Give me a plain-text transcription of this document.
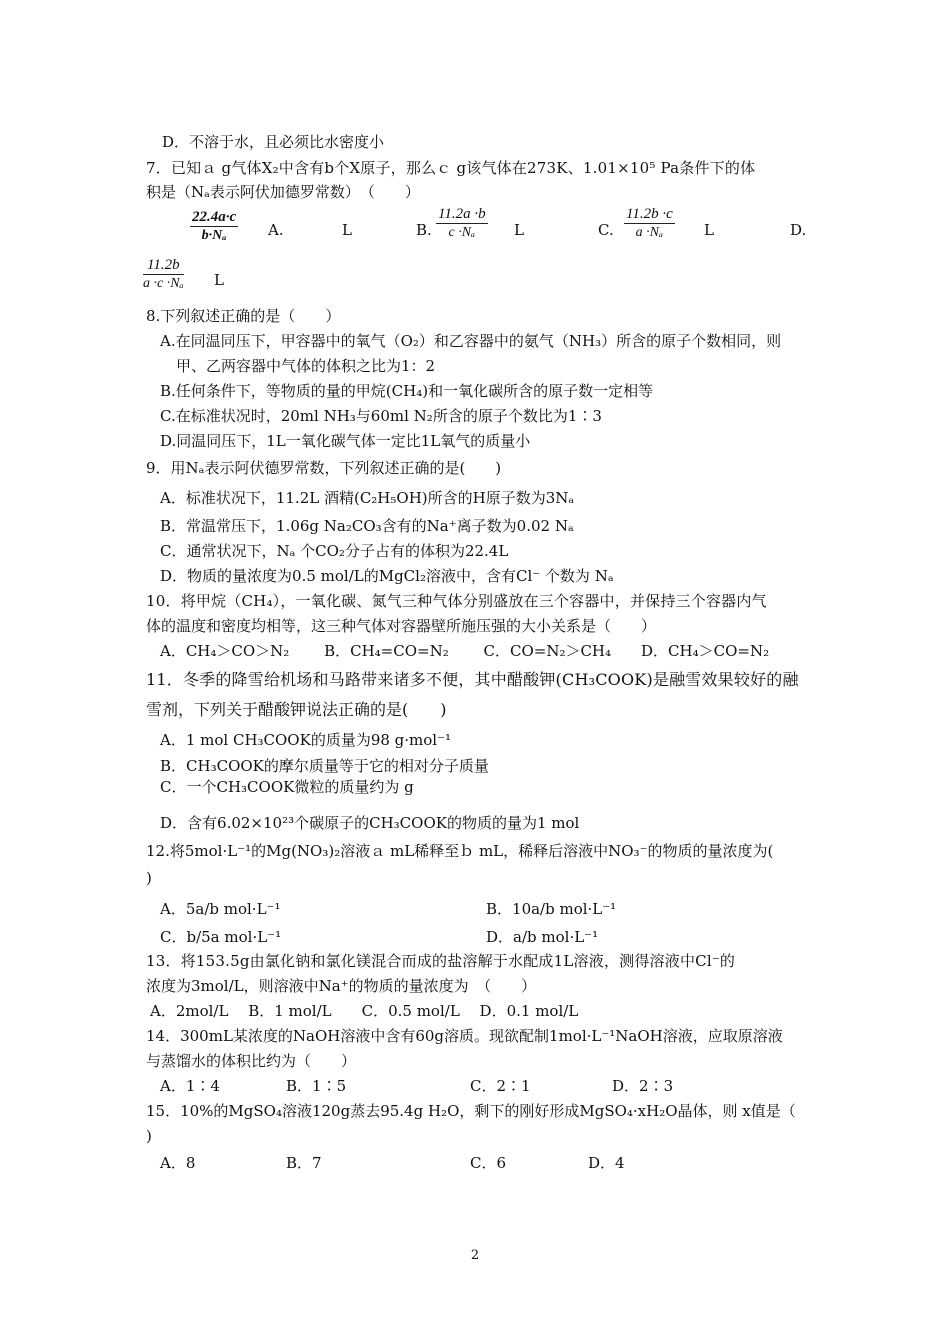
D．不溶于水，且必须比水密度小
7．已知ａ g气体X₂中含有b个X原子，那么ｃ g该气体在273K、1.01×10⁵ Pa条件下的体
积是（Nₐ表示阿伏加德罗常数）　（　　）
$\frac{22.4a\cdot c}{\text{b·Nₐ}} A$.	L	B. $\frac{11.2a \cdot b}{\text{c ·Nₐ}}$ L	C. $\frac{11.2b \cdot c}{\text{a ·Nₐ}}$ L	D.
$\frac{11.2b}{\text{a ·c ·Nₐ}}$ L
8.下列叙述正确的是（　　）
A.在同温同压下，甲容器中的氧气（O₂）和乙容器中的氨气（NH₃）所含的原子个数相同，则
甲、乙两容器中气体的体积之比为1：2
B.任何条件下，等物质的量的甲烷(CH₄)和一氧化碳所含的原子数一定相等
C.在标准状况时，20ml NH₃与60ml N₂所含的原子个数比为1∶3
D.同温同压下，1L一氧化碳气体一定比1L氧气的质量小
9．用Nₐ表示阿伏德罗常数，下列叙述正确的是(　　)
A．标准状况下，11.2L 酒精(C₂H₅OH)所含的H原子数为3Nₐ
B．常温常压下，1.06g Na₂CO₃含有的Na⁺离子数为0.02 Nₐ
C．通常状况下，Nₐ 个CO₂分子占有的体积为22.4L
D．物质的量浓度为0.5 mol/L的MgCl₂溶液中，含有Cl⁻ 个数为 Nₐ
10．将甲烷（CH₄），一氧化碳、氮气三种气体分别盛放在三个容器中，并保持三个容器内气
体的温度和密度均相等，这三种气体对容器壁所施压强的大小关系是（　　）
A．CH₄＞CO＞N₂　　 B．CH₄=CO=N₂　　 C．CO=N₂＞CH₄　　D．CH₄＞CO=N₂
11．冬季的降雪给机场和马路带来诸多不便，其中醋酸钾(CH₃COOK)是融雪效果较好的融
雪剂，下列关于醋酸钾说法正确的是(　　)
A．1 mol CH₃COOK的质量为98 g·mol⁻¹
B．CH₃COOK的摩尔质量等于它的相对分子质量
C．一个CH₃COOK微粒的质量约为 g
D．含有6.02×10²³个碳原子的CH₃COOK的物质的量为1 mol
12.将5mol·L⁻¹的Mg(NO₃)₂溶液ａ mL稀释至ｂ mL，稀释后溶液中NO₃⁻的物质的量浓度为(
)
A．5a/b mol·L⁻¹	B．10a/b mol·L⁻¹
C．b/5a mol·L⁻¹	D．a/b mol·L⁻¹
13．将153.5g由氯化钠和氯化镁混合而成的盐溶解于水配成1L溶液，测得溶液中Cl⁻的
浓度为3mol/L，则溶液中Na⁺的物质的量浓度为　（　　）
A．2mol/L　 B．1 mol/L　　C．0.5 mol/L　 D．0.1 mol/L
14．300mL某浓度的NaOH溶液中含有60g溶质。现欲配制1mol·L⁻¹NaOH溶液，应取原溶液
与蒸馏水的体积比约为（　　）
A．1∶4	B．1∶5	C．2∶1	D．2∶3
15．10%的MgSO₄溶液120g蒸去95.4g H₂O，剩下的刚好形成MgSO₄·xH₂O晶体，则 x值是（
)
A．8	B．7	C．6	D．4
2
